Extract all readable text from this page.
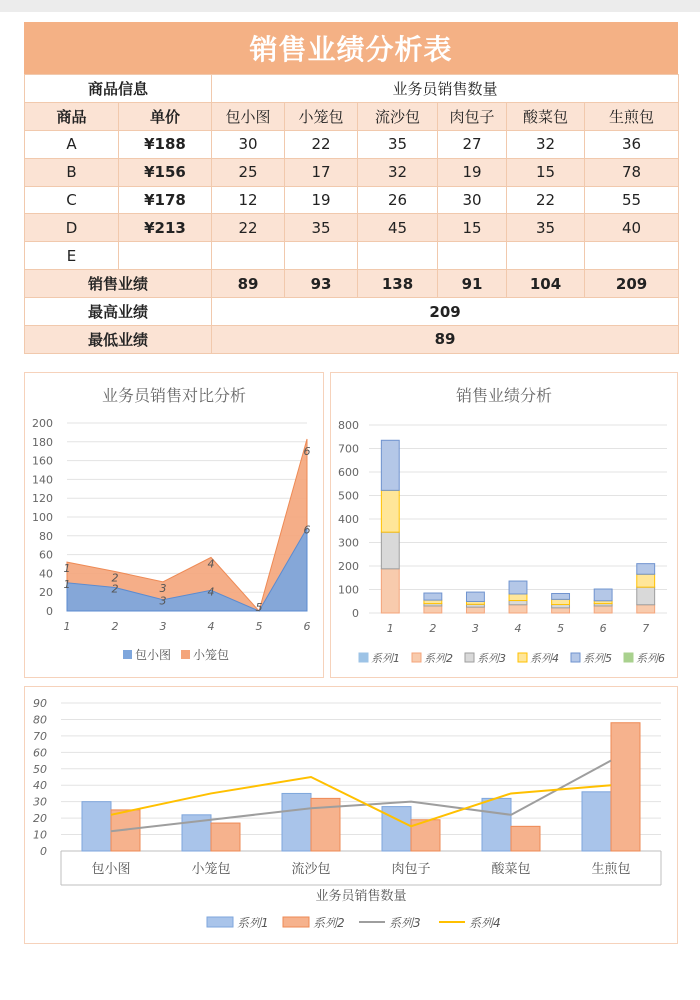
销售业绩分析表
商品信息		业务员销售数量					
商品	单价	包小图	小笼包	流沙包	肉包子	酸菜包	生煎包
A	¥188	30	22	35	27	32	36
B	¥156	25	17	32	19	15	78
C	¥178	12	19	26	30	22	55
D	¥213	22	35	45	15	35	40
E							
销售业绩		89	93	138	91	104	209
最高业绩		209					
最低业绩		89					
业务员销售对比分析
0
20
40
60
80
100
120
140
160
180
200
1	2	3	4	5	6
1	2
3
4
5
6
1
2
3
4
6
包小图 小笼包
销售业绩分析
0
100
200
300
400
500
600
700
800
1	2	3	4	5	6	7
系列1 系列2 系列3 系列4 系列5 系列6
0
10
20
30
40
50
60
70
80
90
包小图	小笼包	流沙包	肉包子	酸菜包	生煎包
业务员销售数量
系列1	系列2	系列3	系列4
